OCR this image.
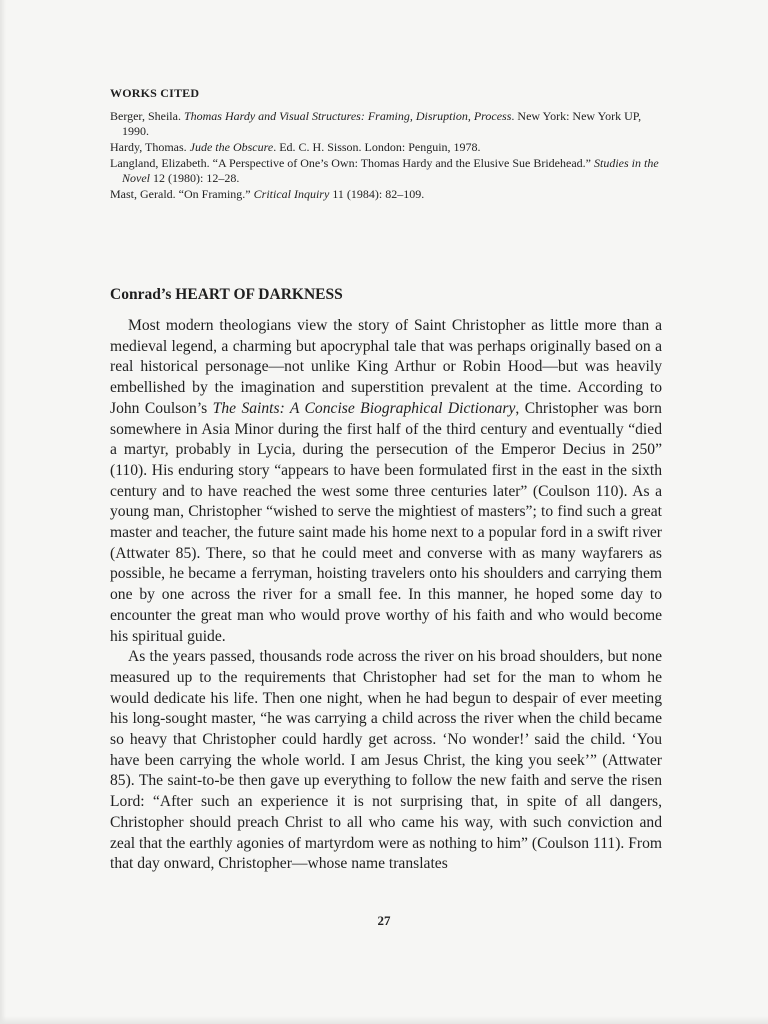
WORKS CITED
Berger, Sheila. Thomas Hardy and Visual Structures: Framing, Disruption, Process. New York: New York UP, 1990.
Hardy, Thomas. Jude the Obscure. Ed. C. H. Sisson. London: Penguin, 1978.
Langland, Elizabeth. “A Perspective of One’s Own: Thomas Hardy and the Elusive Sue Bridehead.” Studies in the Novel 12 (1980): 12–28.
Mast, Gerald. “On Framing.” Critical Inquiry 11 (1984): 82–109.
Conrad’s HEART OF DARKNESS

Most modern theologians view the story of Saint Christopher as little more than a medieval legend, a charming but apocryphal tale that was perhaps originally based on a real historical personage—not unlike King Arthur or Robin Hood—but was heavily embellished by the imagination and superstition prevalent at the time. According to John Coulson’s The Saints: A Concise Biographical Dictionary, Christopher was born somewhere in Asia Minor during the first half of the third century and eventually “died a martyr, probably in Lycia, during the persecution of the Emperor Decius in 250” (110). His enduring story “appears to have been formulated first in the east in the sixth century and to have reached the west some three centuries later” (Coulson 110). As a young man, Christopher “wished to serve the mightiest of masters”; to find such a great master and teacher, the future saint made his home next to a popular ford in a swift river (Attwater 85). There, so that he could meet and converse with as many wayfarers as possible, he became a ferryman, hoisting travelers onto his shoulders and carrying them one by one across the river for a small fee. In this manner, he hoped some day to encounter the great man who would prove worthy of his faith and who would become his spiritual guide.

As the years passed, thousands rode across the river on his broad shoulders, but none measured up to the requirements that Christopher had set for the man to whom he would dedicate his life. Then one night, when he had begun to despair of ever meeting his long-sought master, “he was carrying a child across the river when the child became so heavy that Christopher could hardly get across. ‘No wonder!’ said the child. ‘You have been carrying the whole world. I am Jesus Christ, the king you seek’” (Attwater 85). The saint-to-be then gave up everything to follow the new faith and serve the risen Lord: “After such an experience it is not surprising that, in spite of all dangers, Christopher should preach Christ to all who came his way, with such conviction and zeal that the earthly agonies of martyrdom were as nothing to him” (Coulson 111). From that day onward, Christopher—whose name translates

27
